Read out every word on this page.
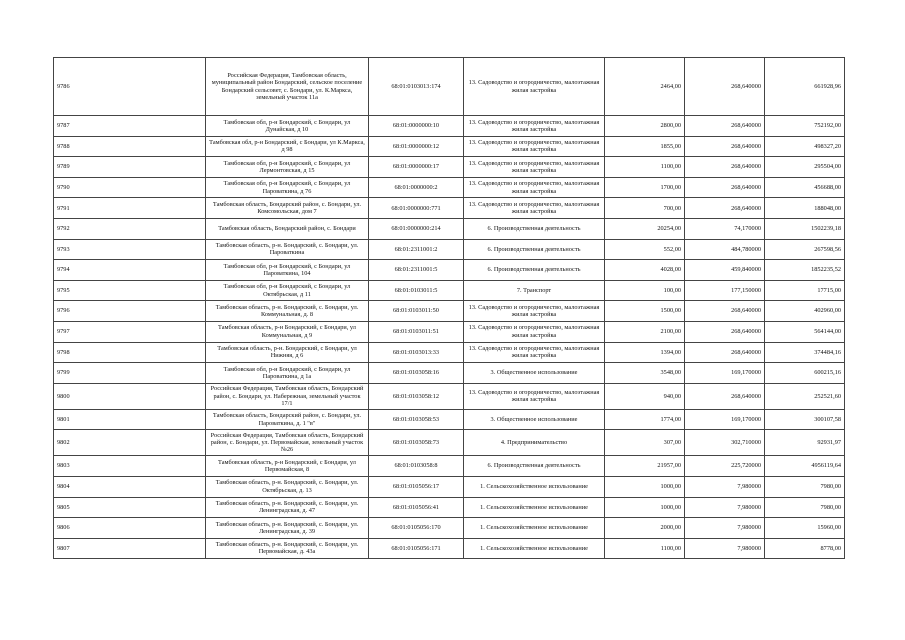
9786	Российская Федерация, Тамбовская область, муниципальный район Бондарский, сельское поселение Бондарский сельсовет, с. Бондари, ул. К.Маркса, земельный участок 11а	68:01:0103013:174	13. Садоводство и огородничество, малоэтажная жилая застройка	2464,00	268,640000	661928,96
9787	Тамбовская обл, р-н Бондарский, с Бондари, ул Дунайская, д 10	68:01:0000000:10	13. Садоводство и огородничество, малоэтажная жилая застройка	2800,00	268,640000	752192,00
9788	Тамбовская обл, р-н Бондарский, с Бондари, ул К.Маркса, д 98	68:01:0000000:12	13. Садоводство и огородничество, малоэтажная жилая застройка	1855,00	268,640000	498327,20
9789	Тамбовская обл, р-н Бондарский, с Бондари, ул Лермонтовская, д 15	68:01:0000000:17	13. Садоводство и огородничество, малоэтажная жилая застройка	1100,00	268,640000	295504,00
9790	Тамбовская обл, р-н Бондарский, с Бондари, ул Пароваткина, д 76	68:01:0000000:2	13. Садоводство и огородничество, малоэтажная жилая застройка	1700,00	268,640000	456688,00
9791	Тамбовская область, Бондарский район, с. Бондари, ул. Комсомольская, дом 7	68:01:0000000:771	13. Садоводство и огородничество, малоэтажная жилая застройка	700,00	268,640000	188048,00
9792	Тамбовская область, Бондарский район, с. Бондари	68:01:0000000:214	6. Производственная деятельность	20254,00	74,170000	1502239,18
9793	Тамбовская область, р-н. Бондарский, с. Бондари, ул. Пароваткина	68:01:2311001:2	6. Производственная деятельность	552,00	484,780000	267598,56
9794	Тамбовская обл, р-н Бондарский, с Бондари, ул Пароваткина, 104	68:01:2311001:5	6. Производственная деятельность	4028,00	459,840000	1852235,52
9795	Тамбовская обл, р-н Бондарский, с Бондари, ул Октябрьская, д 11	68:01:0103011:5	7. Транспорт	100,00	177,150000	17715,00
9796	Тамбовская область, р-н. Бондарский, с. Бондари, ул. Коммунальная, д. 8	68:01:0103011:50	13. Садоводство и огородничество, малоэтажная жилая застройка	1500,00	268,640000	402960,00
9797	Тамбовская область, р-н Бондарский, с Бондари, ул Коммунальная, д 9	68:01:0103011:51	13. Садоводство и огородничество, малоэтажная жилая застройка	2100,00	268,640000	564144,00
9798	Тамбовская область, р-н. Бондарский, с Бондари, ул Нижняя, д 6	68:01:0103013:33	13. Садоводство и огородничество, малоэтажная жилая застройка	1394,00	268,640000	374484,16
9799	Тамбовская обл, р-н Бондарский, с Бондари, ул Пароваткина, д 1а	68:01:0103058:16	3. Общественное использование	3548,00	169,170000	600215,16
9800	Российская Федерация, Тамбовская область, Бондарский район, с. Бондари, ул. Набережная, земельный участок 17/1	68:01:0103058:12	13. Садоводство и огородничество, малоэтажная жилая застройка	940,00	268,640000	252521,60
9801	Тамбовская область, Бондарский район, с. Бондари, ул. Пароваткина, д. 1 "в"	68:01:0103058:53	3. Общественное использование	1774,00	169,170000	300107,58
9802	Российская Федерация, Тамбовская область, Бондарский район, с. Бондари, ул. Первомайская, земельный участок №26	68:01:0103058:73	4. Предпринимательство	307,00	302,710000	92931,97
9803	Тамбовская область, р-н Бондарский, с Бондари, ул Первомайская, 8	68:01:0103058:8	6. Производственная деятельность	21957,00	225,720000	4956119,64
9804	Тамбовская область, р-н. Бондарский, с. Бондари, ул. Октябрьская, д. 13	68:01:0105056:17	1. Сельскохозяйственное использование	1000,00	7,980000	7980,00
9805	Тамбовская область, р-н. Бондарский, с. Бондари, ул. Ленинградская, д. 47	68:01:0105056:41	1. Сельскохозяйственное использование	1000,00	7,980000	7980,00
9806	Тамбовская область, р-н. Бондарский, с. Бондари, ул. Ленинградская, д. 39	68:01:0105056:170	1. Сельскохозяйственное использование	2000,00	7,980000	15960,00
9807	Тамбовская область, р-н. Бондарский, с. Бондари, ул. Первомайская, д. 43а	68:01:0105056:171	1. Сельскохозяйственное использование	1100,00	7,980000	8778,00
